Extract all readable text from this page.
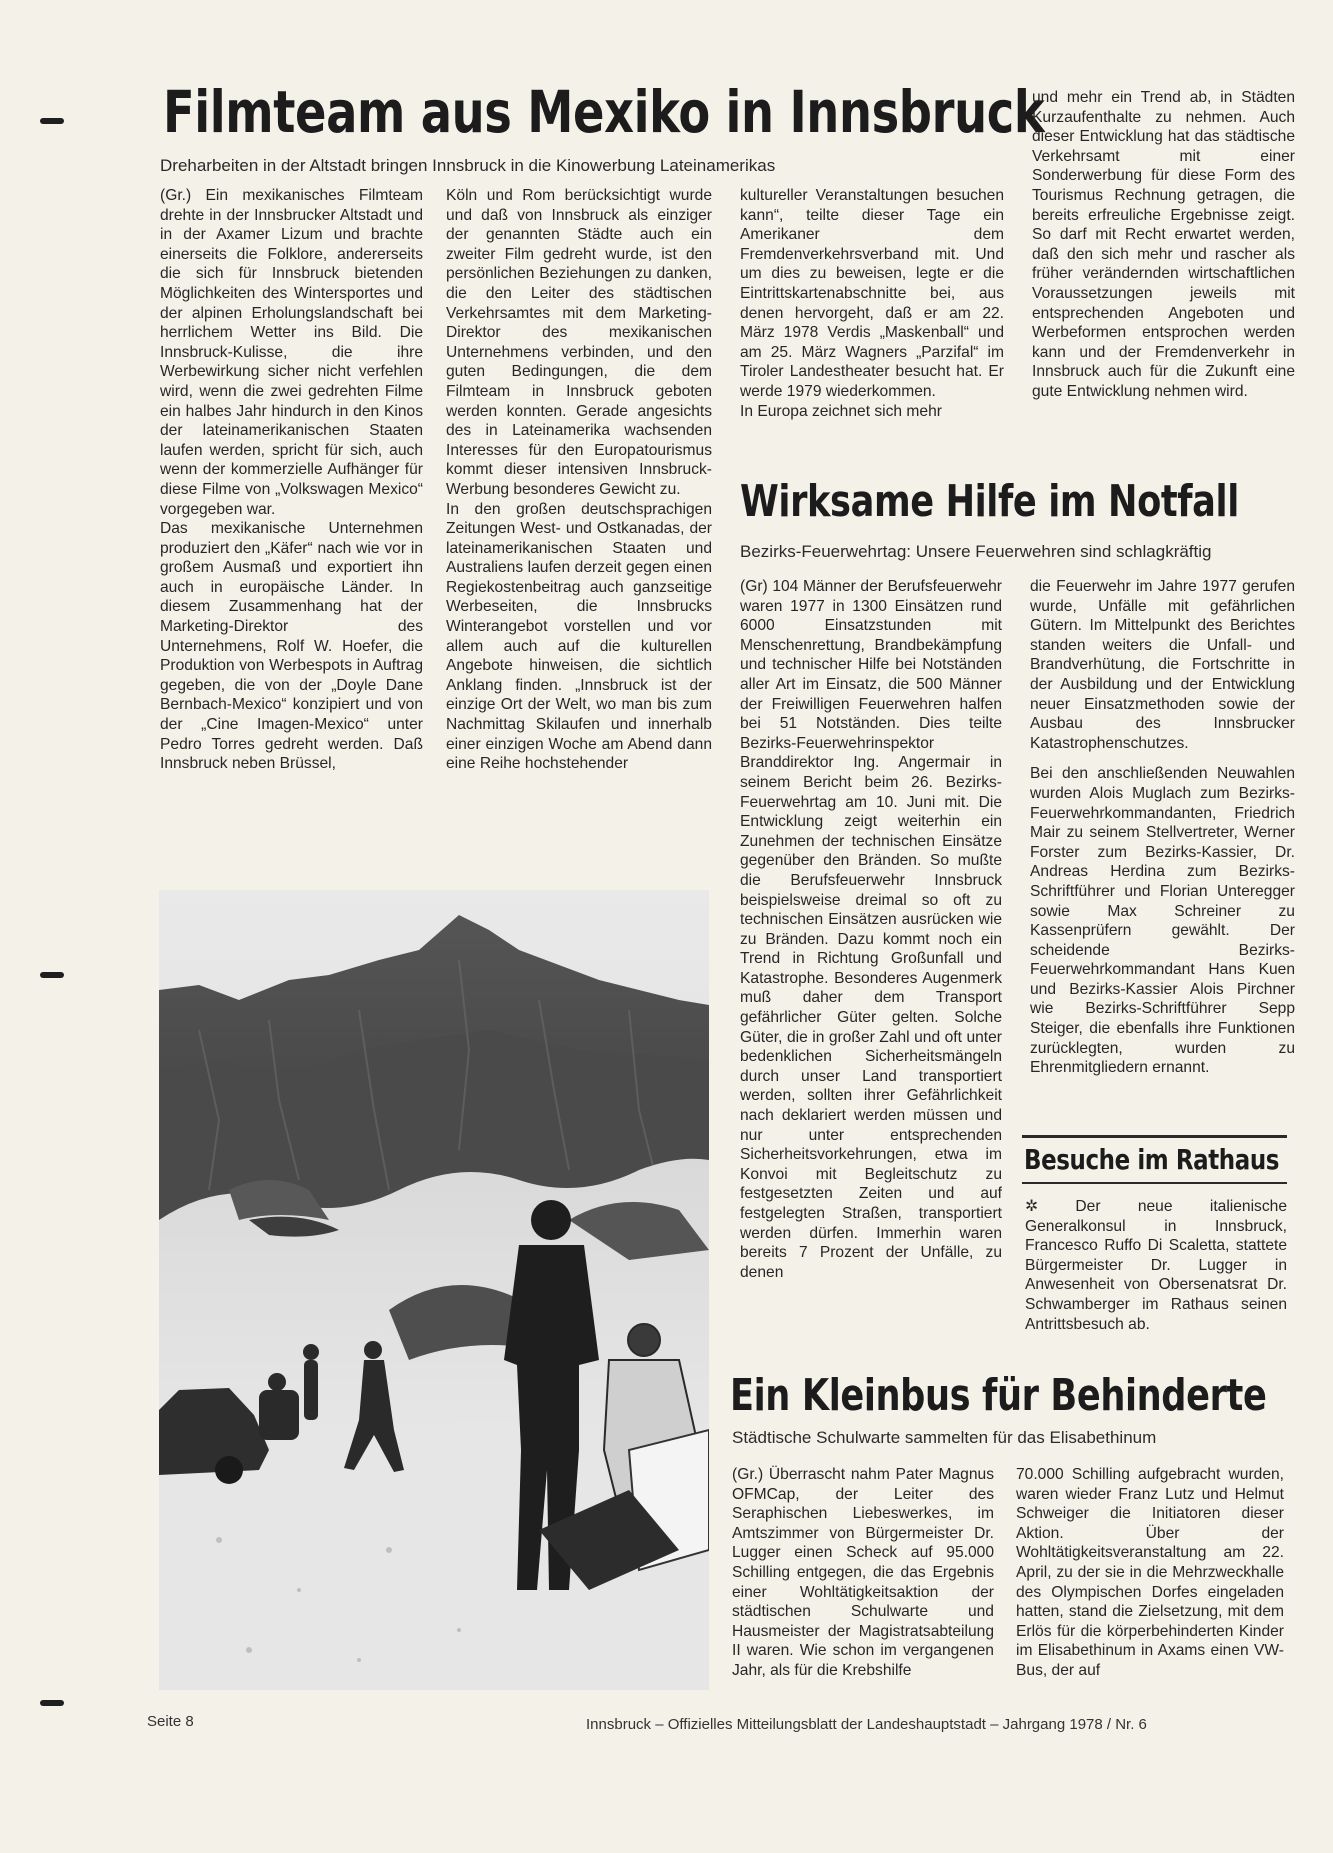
Filmteam aus Mexiko in Innsbruck
Dreharbeiten in der Altstadt bringen Innsbruck in die Kinowerbung Lateinamerikas

(Gr.) Ein mexikanisches Filmteam drehte in der Innsbrucker Altstadt und in der Axamer Lizum und brachte einerseits die Folklore, andererseits die sich für Innsbruck bietenden Möglichkeiten des Wintersportes und der alpinen Erholungslandschaft bei herrlichem Wetter ins Bild. Die Innsbruck-Kulisse, die ihre Werbewirkung sicher nicht verfehlen wird, wenn die zwei gedrehten Filme ein halbes Jahr hindurch in den Kinos der lateinamerikanischen Staaten laufen werden, spricht für sich, auch wenn der kommerzielle Aufhänger für diese Filme von „Volkswagen Mexico“ vorgegeben war.

Das mexikanische Unternehmen produziert den „Käfer“ nach wie vor in großem Ausmaß und exportiert ihn auch in europäische Länder. In diesem Zusammenhang hat der Marketing-Direktor des Unternehmens, Rolf W. Hoefer, die Produktion von Werbespots in Auftrag gegeben, die von der „Doyle Dane Bernbach-Mexico“ konzipiert und von der „Cine Imagen-Mexico“ unter Pedro Torres gedreht werden. Daß Innsbruck neben Brüssel,

Köln und Rom berücksichtigt wurde und daß von Innsbruck als einziger der genannten Städte auch ein zweiter Film gedreht wurde, ist den persönlichen Beziehungen zu danken, die den Leiter des städtischen Verkehrsamtes mit dem Marketing-Direktor des mexikanischen Unternehmens verbinden, und den guten Bedingungen, die dem Filmteam in Innsbruck geboten werden konnten. Gerade angesichts des in Lateinamerika wachsenden Interesses für den Europatourismus kommt dieser intensiven Innsbruck-Werbung besonderes Gewicht zu.

In den großen deutschsprachigen Zeitungen West- und Ostkanadas, der lateinamerikanischen Staaten und Australiens laufen derzeit gegen einen Regiekostenbeitrag auch ganzseitige Werbeseiten, die Innsbrucks Winterangebot vorstellen und vor allem auch auf die kulturellen Angebote hinweisen, die sichtlich Anklang finden. „Innsbruck ist der einzige Ort der Welt, wo man bis zum Nachmittag Skilaufen und innerhalb einer einzigen Woche am Abend dann eine Reihe hochstehender

kultureller Veranstaltungen besuchen kann“, teilte dieser Tage ein Amerikaner dem Fremdenverkehrsverband mit. Und um dies zu beweisen, legte er die Eintrittskartenabschnitte bei, aus denen hervorgeht, daß er am 22. März 1978 Verdis „Maskenball“ und am 25. März Wagners „Parzifal“ im Tiroler Landestheater besucht hat. Er werde 1979 wiederkommen.

In Europa zeichnet sich mehr

und mehr ein Trend ab, in Städten Kurzaufenthalte zu nehmen. Auch dieser Entwicklung hat das städtische Verkehrsamt mit einer Sonderwerbung für diese Form des Tourismus Rechnung getragen, die bereits erfreuliche Ergebnisse zeigt. So darf mit Recht erwartet werden, daß den sich mehr und rascher als früher verändernden wirtschaftlichen Voraussetzungen jeweils mit entsprechenden Angeboten und Werbeformen entsprochen werden kann und der Fremdenverkehr in Innsbruck auch für die Zukunft eine gute Entwicklung nehmen wird.

Wirksame Hilfe im Notfall
Bezirks-Feuerwehrtag: Unsere Feuerwehren sind schlagkräftig

(Gr) 104 Männer der Berufsfeuerwehr waren 1977 in 1300 Einsätzen rund 6000 Einsatzstunden mit Menschenrettung, Brandbekämpfung und technischer Hilfe bei Notständen aller Art im Einsatz, die 500 Männer der Freiwilligen Feuerwehren halfen bei 51 Notständen. Dies teilte Bezirks-Feuerwehrinspektor Branddirektor Ing. Angermair in seinem Bericht beim 26. Bezirks-Feuerwehrtag am 10. Juni mit. Die Entwicklung zeigt weiterhin ein Zunehmen der technischen Einsätze gegenüber den Bränden. So mußte die Berufsfeuerwehr Innsbruck beispielsweise dreimal so oft zu technischen Einsätzen ausrücken wie zu Bränden. Dazu kommt noch ein Trend in Richtung Großunfall und Katastrophe. Besonderes Augenmerk muß daher dem Transport gefährlicher Güter gelten. Solche Güter, die in großer Zahl und oft unter bedenklichen Sicherheitsmängeln durch unser Land transportiert werden, sollten ihrer Gefährlichkeit nach deklariert werden müssen und nur unter entsprechenden Sicherheitsvorkehrungen, etwa im Konvoi mit Begleitschutz zu festgesetzten Zeiten und auf festgelegten Straßen, transportiert werden dürfen. Immerhin waren bereits 7 Prozent der Unfälle, zu denen

die Feuerwehr im Jahre 1977 gerufen wurde, Unfälle mit gefährlichen Gütern. Im Mittelpunkt des Berichtes standen weiters die Unfall- und Brandverhütung, die Fortschritte in der Ausbildung und der Entwicklung neuer Einsatzmethoden sowie der Ausbau des Innsbrucker Katastrophenschutzes.

Bei den anschließenden Neuwahlen wurden Alois Muglach zum Bezirks-Feuerwehrkommandanten, Friedrich Mair zu seinem Stellvertreter, Werner Forster zum Bezirks-Kassier, Dr. Andreas Herdina zum Bezirks-Schriftführer und Florian Unteregger sowie Max Schreiner zu Kassenprüfern gewählt. Der scheidende Bezirks-Feuerwehrkommandant Hans Kuen und Bezirks-Kassier Alois Pirchner wie Bezirks-Schriftführer Sepp Steiger, die ebenfalls ihre Funktionen zurücklegten, wurden zu Ehrenmitgliedern ernannt.

Besuche im Rathaus

✲ Der neue italienische Generalkonsul in Innsbruck, Francesco Ruffo Di Scaletta, stattete Bürgermeister Dr. Lugger in Anwesenheit von Obersenatsrat Dr. Schwamberger im Rathaus seinen Antrittsbesuch ab.

Ein Kleinbus für Behinderte
Städtische Schulwarte sammelten für das Elisabethinum

(Gr.) Überrascht nahm Pater Magnus OFMCap, der Leiter des Seraphischen Liebeswerkes, im Amtszimmer von Bürgermeister Dr. Lugger einen Scheck auf 95.000 Schilling entgegen, die das Ergebnis einer Wohltätigkeitsaktion der städtischen Schulwarte und Hausmeister der Magistratsabteilung II waren. Wie schon im vergangenen Jahr, als für die Krebshilfe

70.000 Schilling aufgebracht wurden, waren wieder Franz Lutz und Helmut Schweiger die Initiatoren dieser Aktion. Über der Wohltätigkeitsveranstaltung am 22. April, zu der sie in die Mehrzweckhalle des Olympischen Dorfes eingeladen hatten, stand die Zielsetzung, mit dem Erlös für die körperbehinderten Kinder im Elisabethinum in Axams einen VW-Bus, der auf

Seite 8	Innsbruck – Offizielles Mitteilungsblatt der Landeshauptstadt – Jahrgang 1978 / Nr. 6
